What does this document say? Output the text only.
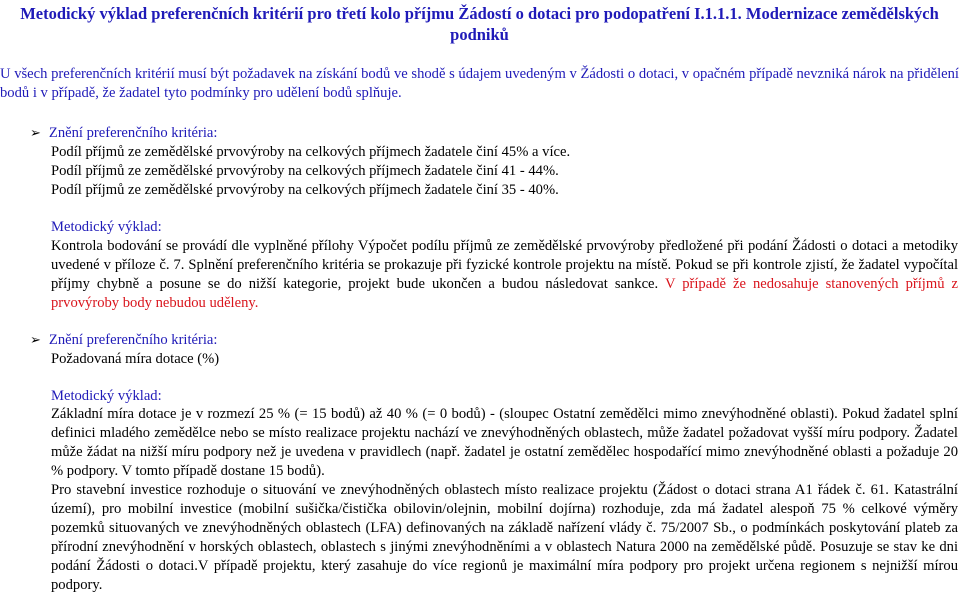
Metodický výklad preferenčních kritérií pro třetí kolo příjmu Žádostí o dotaci pro podopatření I.1.1.1. Modernizace zemědělských podniků
U všech preferenčních kritérií musí být požadavek na získání bodů ve shodě s údajem uvedeným v Žádosti o dotaci, v opačném případě nevzniká nárok na přidělení bodů i v případě, že žadatel tyto podmínky pro udělení bodů splňuje.
➢ Znění preferenčního kritéria:
Podíl příjmů ze zemědělské prvovýroby na celkových příjmech žadatele činí 45% a více.
Podíl příjmů ze zemědělské prvovýroby na celkových příjmech žadatele činí 41 - 44%.
Podíl příjmů ze zemědělské prvovýroby na celkových příjmech žadatele činí 35 - 40%.
Metodický výklad:
Kontrola bodování se provádí dle vyplněné přílohy Výpočet podílu příjmů ze zemědělské prvovýroby předložené při podání Žádosti o dotaci a metodiky uvedené v příloze č. 7. Splnění preferenčního kritéria se prokazuje při fyzické kontrole projektu na místě. Pokud se při kontrole zjistí, že žadatel vypočítal příjmy chybně a posune se do nižší kategorie, projekt bude ukončen a budou následovat sankce. V případě že nedosahuje stanovených příjmů z prvovýroby body nebudou uděleny.
➢ Znění preferenčního kritéria:
Požadovaná míra dotace (%)
Metodický výklad:
Základní míra dotace je v rozmezí 25 % (= 15 bodů) až 40 % (= 0 bodů) - (sloupec Ostatní zemědělci mimo znevýhodněné oblasti). Pokud žadatel splní definici mladého zemědělce nebo se místo realizace projektu nachází ve znevýhodněných oblastech, může žadatel požadovat vyšší míru podpory. Žadatel může žádat na nižší míru podpory než je uvedena v pravidlech (např. žadatel je ostatní zemědělec hospodařící mimo znevýhodněné oblasti a požaduje 20 % podpory. V tomto případě dostane 15 bodů).
Pro stavební investice rozhoduje o situování ve znevýhodněných oblastech místo realizace projektu (Žádost o dotaci strana A1 řádek č. 61. Katastrální území), pro mobilní investice (mobilní sušička/čistička obilovin/olejnin, mobilní dojírna) rozhoduje, zda má žadatel alespoň 75 % celkové výměry pozemků situovaných ve znevýhodněných oblastech (LFA) definovaných na základě nařízení vlády č. 75/2007 Sb., o podmínkách poskytování plateb za přírodní znevýhodnění v horských oblastech, oblastech s jinými znevýhodněními a v oblastech Natura 2000 na zemědělské půdě. Posuzuje se stav ke dni podání Žádosti o dotaci.V případě projektu, který zasahuje do více regionů je maximální míra podpory pro projekt určena regionem s nejnižší mírou podpory.
